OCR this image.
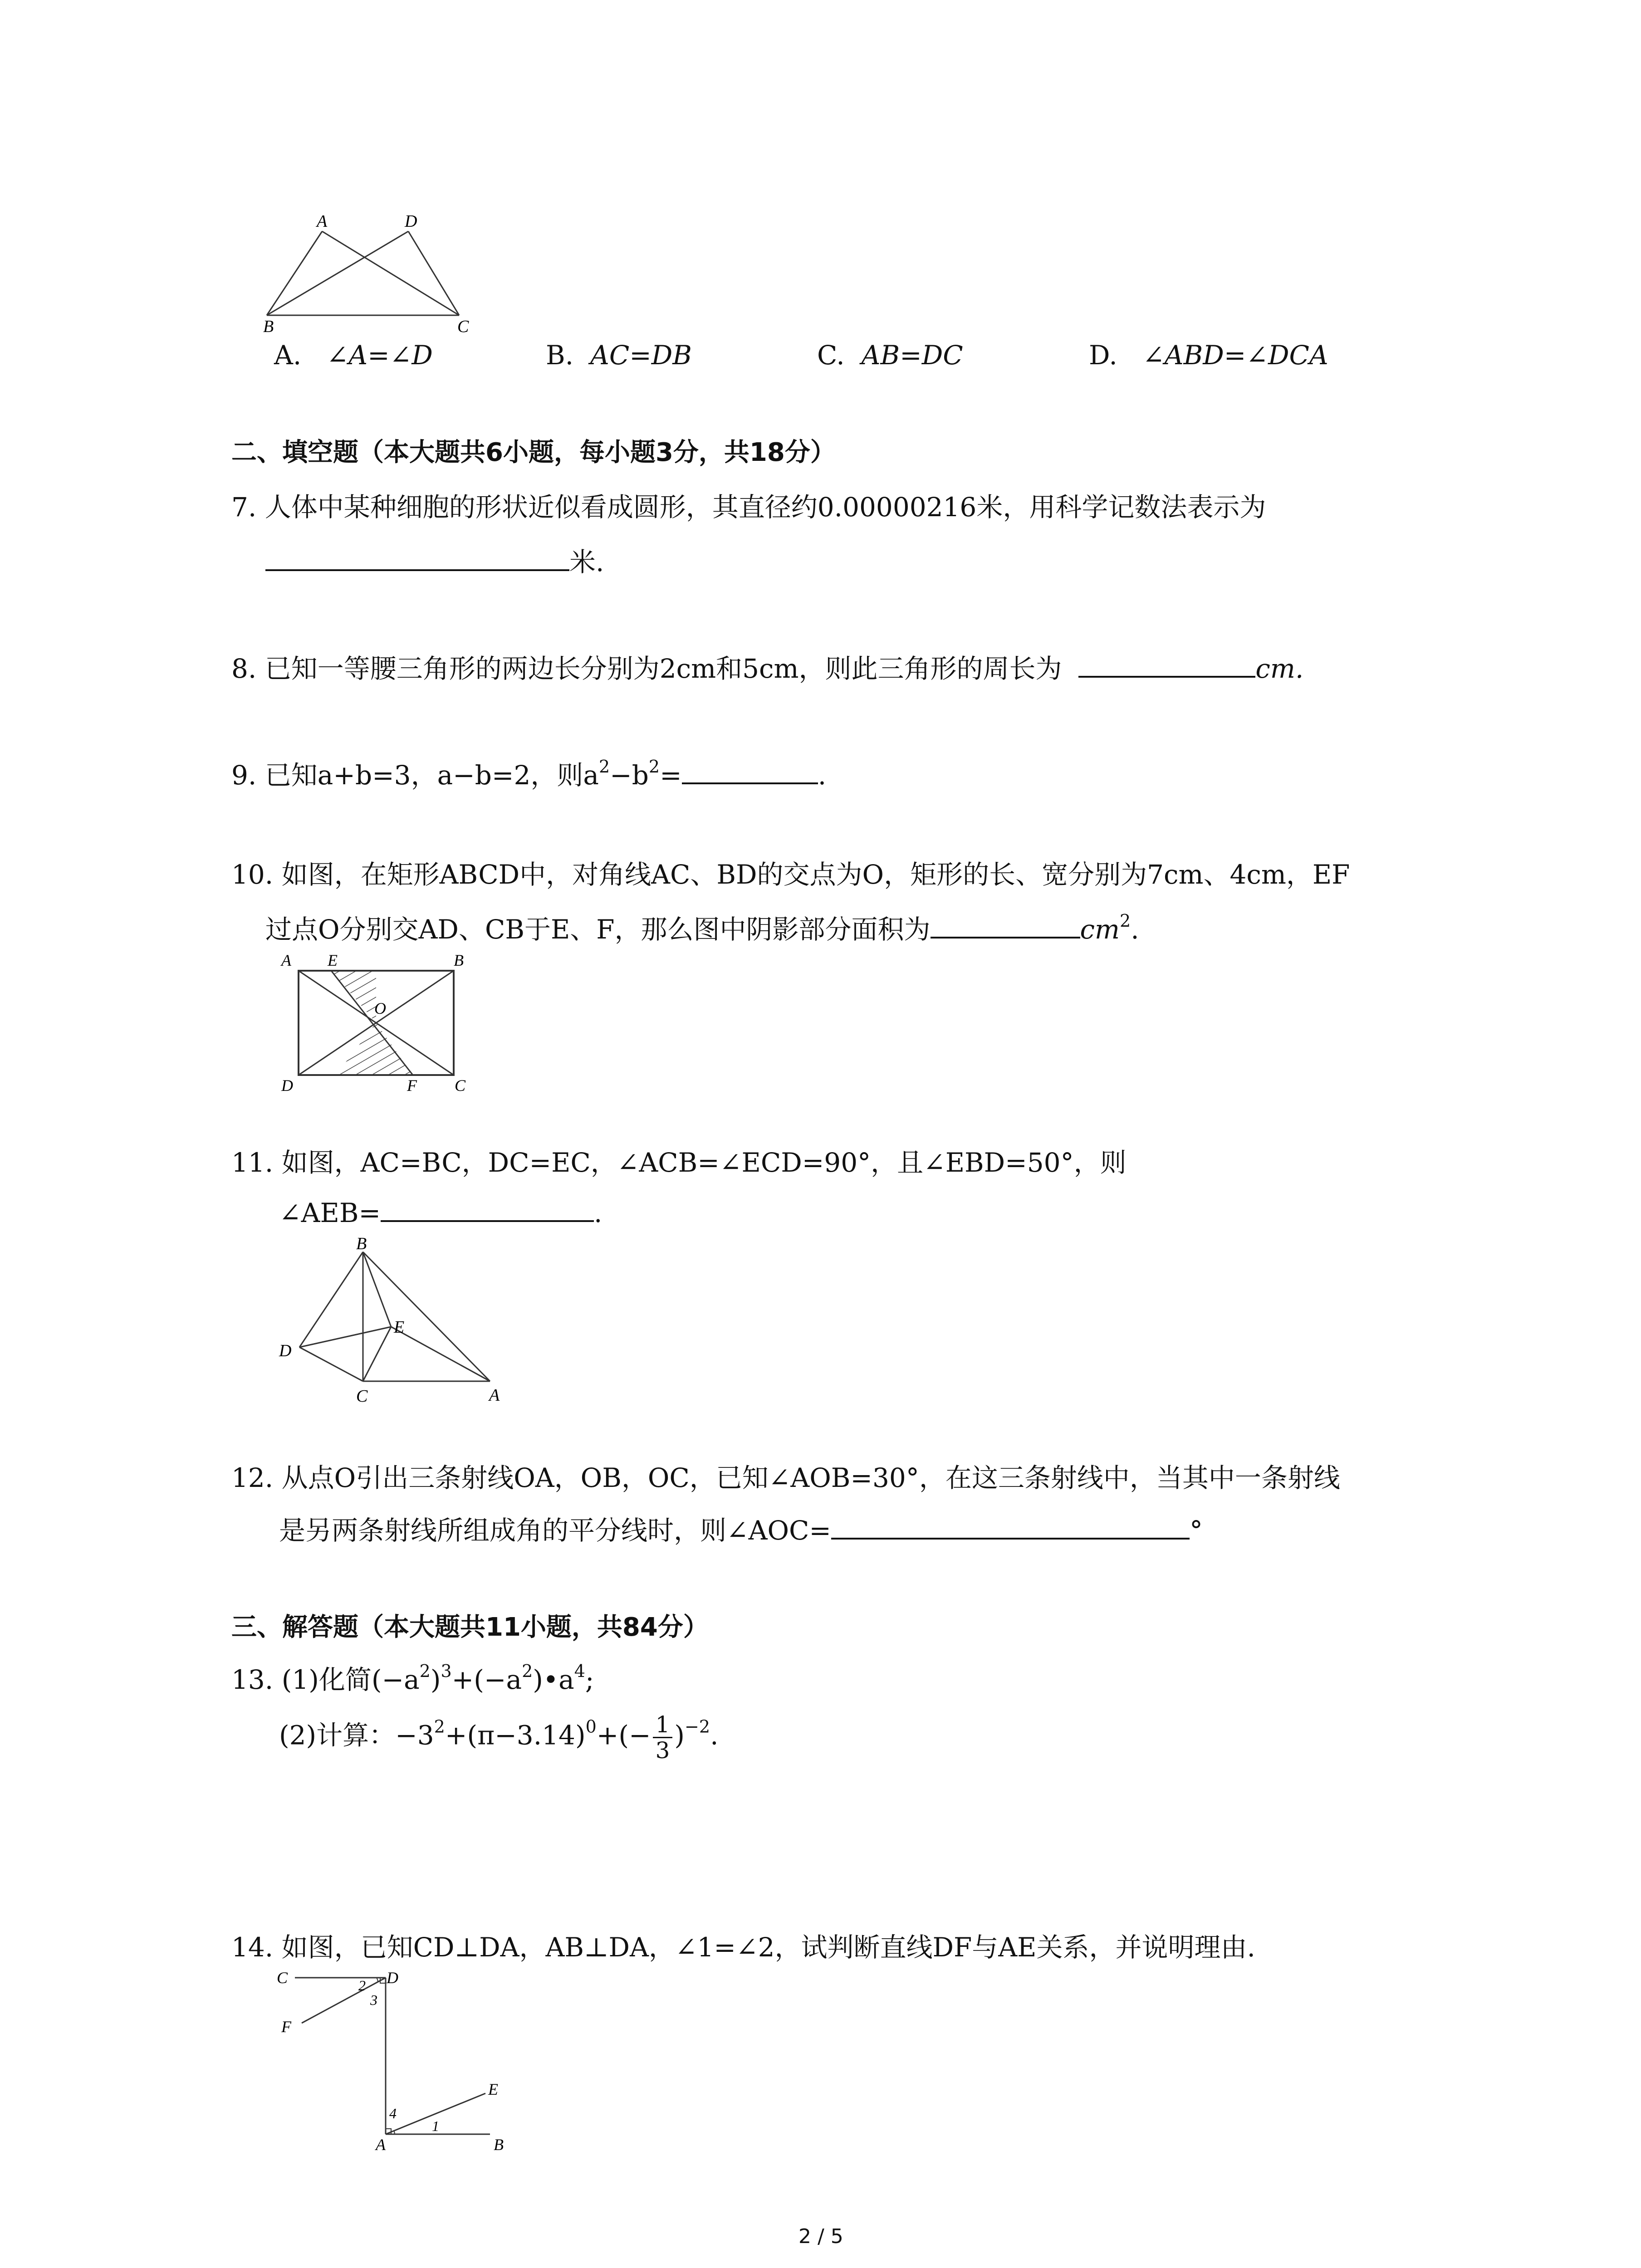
A	D
B	C
A. ∠A=∠D	B. AC=DB	C. AB=DC	D. ∠ABD=∠DCA
二、填空题（本大题共6小题，每小题3分，共18分）
7. 人体中某种细胞的形状近似看成圆形，其直径约0.00000216米，用科学记数法表示为
米.
8. 已知一等腰三角形的两边长分别为2cm和5cm，则此三角形的周长为	cm.
9. 已知a+b=3，a−b=2，则$a^2-b^2=$	.
10. 如图，在矩形ABCD中，对角线AC、BD的交点为O，矩形的长、宽分别为7cm、4cm，EF
过点O分别交AD、CB于E、F，那么图中阴影部分面积为	$cm^2$.
A E	B
O
D	F C
11. 如图，AC=BC，DC=EC，∠ACB=∠ECD=90°，且∠EBD=50°，则
∠AEB=	.
B
E
D
C	A
12. 从点O引出三条射线OA，OB，OC，已知∠AOB=30°，在这三条射线中，当其中一条射线
是另两条射线所组成角的平分线时，则∠AOC=	°
三、解答题（本大题共11小题，共84分）
13. (1)化简$(-a^2)^3+(-a^2)•a^4$;
(2)计算：$-3^2+(\pi-3.14)^0+(- \frac{1}{3} )^{-2}$.
14. 如图，已知CD⊥DA，AB⊥DA，∠1=∠2，试判断直线DF与AE关系，并说明理由.
C	D
F
2
3
4
1
E
A	B
2 / 5
